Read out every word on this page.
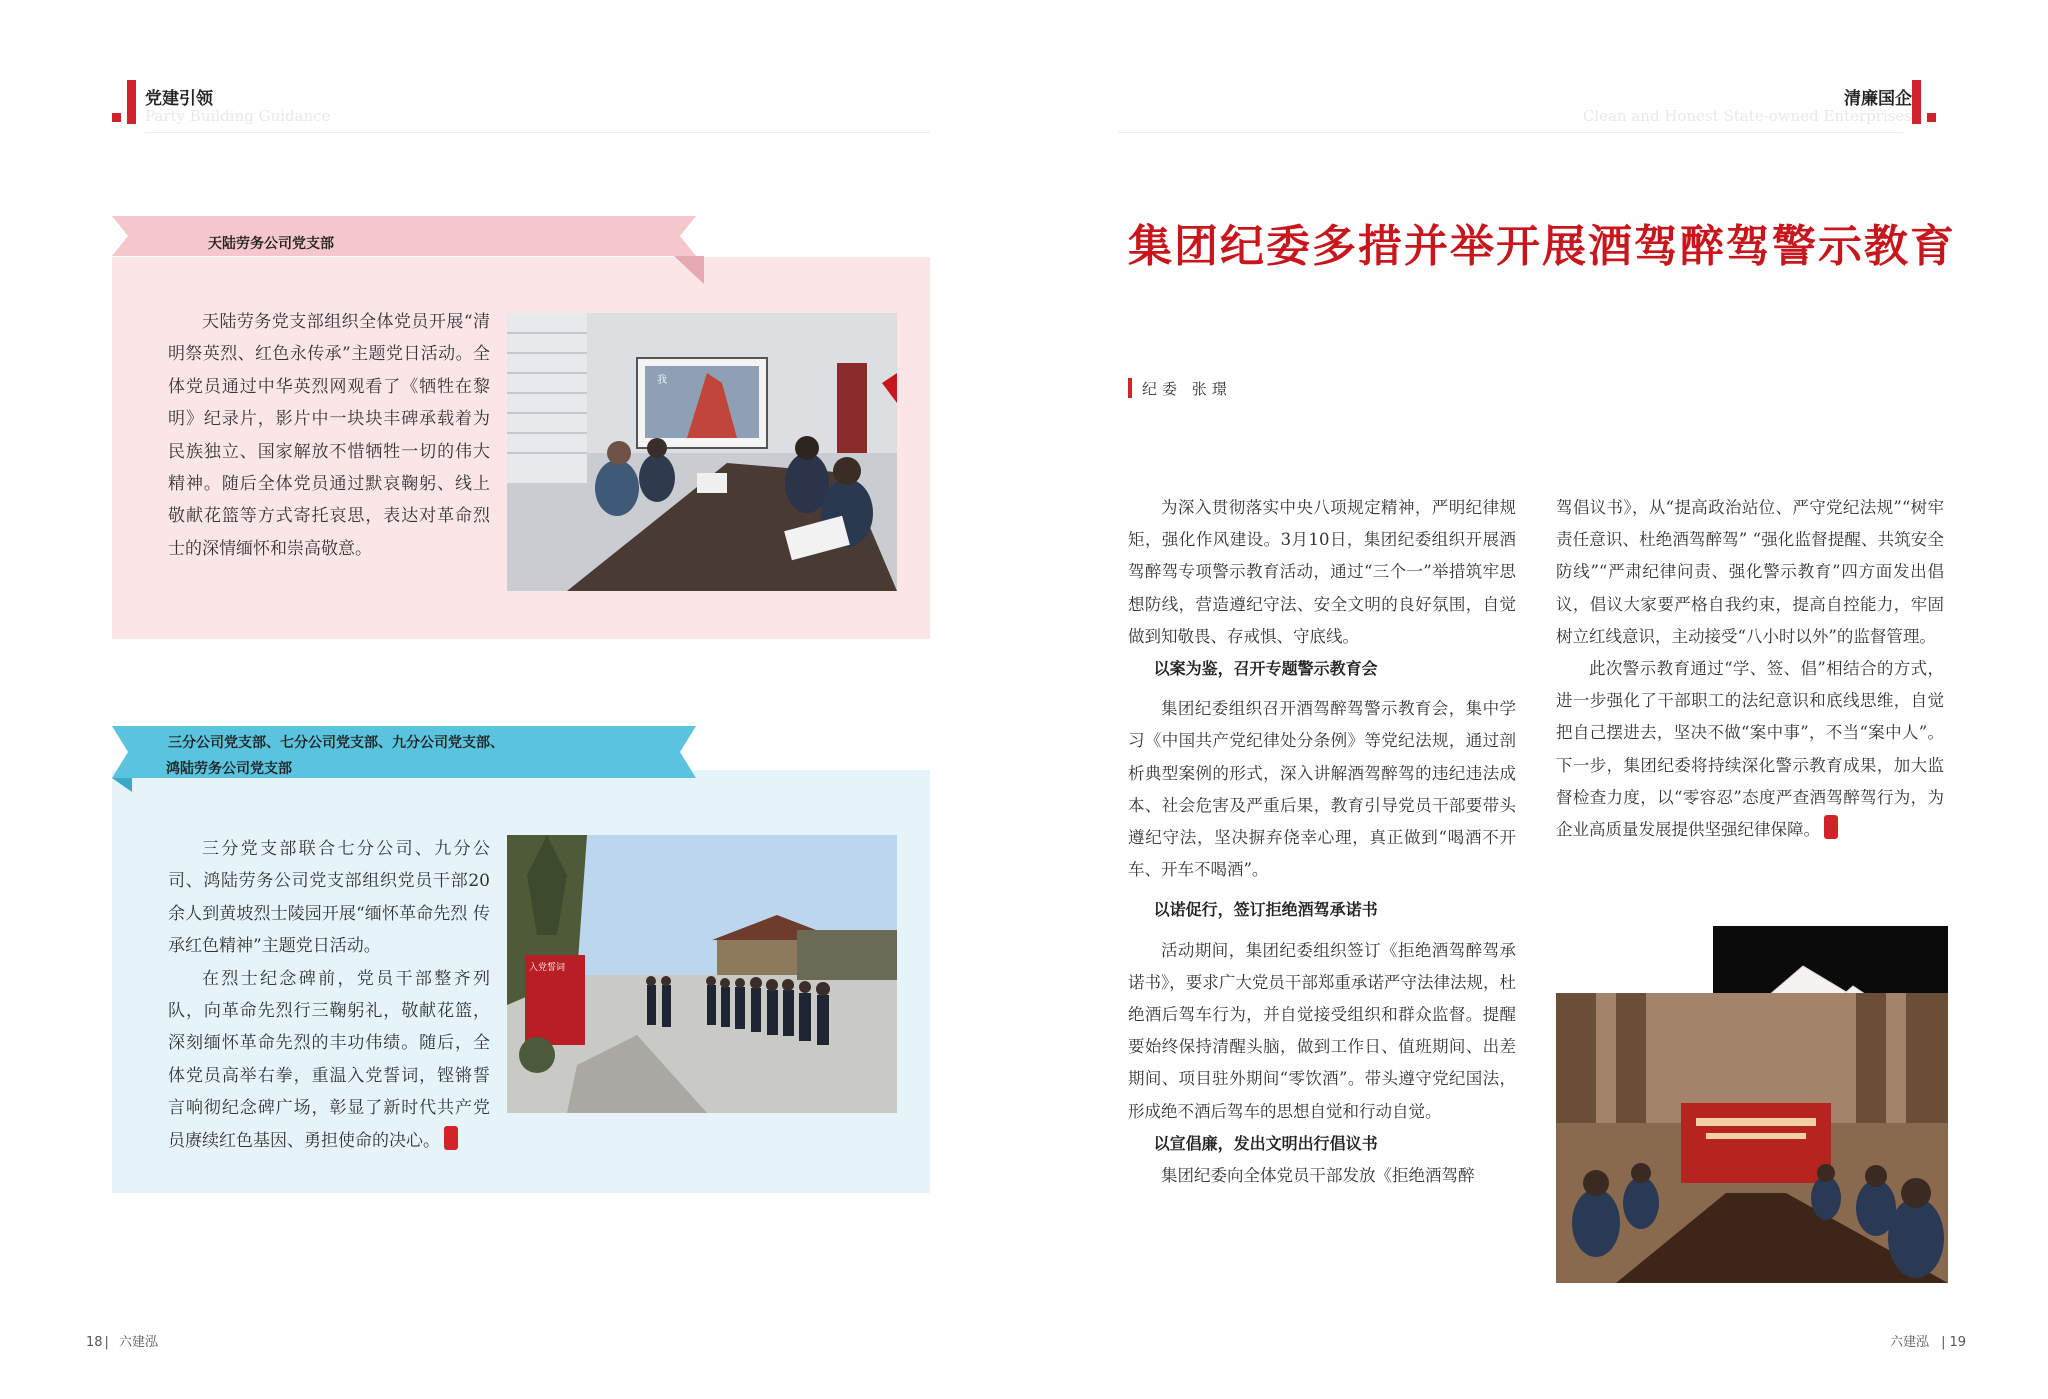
党建引领
Party Building Guidance
清廉国企
Clean and Honest State-owned Enterprises
天陆劳务公司党支部

天陆劳务党支部组织全体党员开展“清明祭英烈、红色永传承”主题党日活动。全体党员通过中华英烈网观看了《牺牲在黎明》纪录片，影片中一块块丰碑承载着为民族独立、国家解放不惜牺牲一切的伟大精神。随后全体党员通过默哀鞠躬、线上敬献花篮等方式寄托哀思，表达对革命烈士的深情缅怀和崇高敬意。

我
三分公司党支部、七分公司党支部、九分公司党支部、
鸿陆劳务公司党支部

三分党支部联合七分公司、九分公司、鸿陆劳务公司党支部组织党员干部20余人到黄坡烈士陵园开展“缅怀革命先烈 传承红色精神”主题党日活动。

在烈士纪念碑前，党员干部整齐列队，向革命先烈行三鞠躬礼，敬献花篮，深刻缅怀革命先烈的丰功伟绩。随后，全体党员高举右拳，重温入党誓词，铿锵誓言响彻纪念碑广场，彰显了新时代共产党员赓续红色基因、勇担使命的决心。

入党誓词
集团纪委多措并举开展酒驾醉驾警示教育
纪委 张璟

为深入贯彻落实中央八项规定精神，严明纪律规矩，强化作风建设。3月10日，集团纪委组织开展酒驾醉驾专项警示教育活动，通过“三个一”举措筑牢思想防线，营造遵纪守法、安全文明的良好氛围，自觉做到知敬畏、存戒惧、守底线。

以案为鉴，召开专题警示教育会

集团纪委组织召开酒驾醉驾警示教育会，集中学习《中国共产党纪律处分条例》等党纪法规，通过剖析典型案例的形式，深入讲解酒驾醉驾的违纪违法成本、社会危害及严重后果，教育引导党员干部要带头遵纪守法，坚决摒弃侥幸心理，真正做到“喝酒不开车、开车不喝酒”。

以诺促行，签订拒绝酒驾承诺书

活动期间，集团纪委组织签订《拒绝酒驾醉驾承诺书》，要求广大党员干部郑重承诺严守法律法规，杜绝酒后驾车行为，并自觉接受组织和群众监督。提醒要始终保持清醒头脑，做到工作日、值班期间、出差期间、项目驻外期间“零饮酒”。带头遵守党纪国法，形成绝不酒后驾车的思想自觉和行动自觉。

以宣倡廉，发出文明出行倡议书

集团纪委向全体党员干部发放《拒绝酒驾醉

驾倡议书》，从“提高政治站位、严守党纪法规”“树牢责任意识、杜绝酒驾醉驾” “强化监督提醒、共筑安全防线”“严肃纪律问责、强化警示教育”四方面发出倡议，倡议大家要严格自我约束，提高自控能力，牢固树立红线意识，主动接受“八小时以外”的监督管理。

此次警示教育通过“学、签、倡”相结合的方式，进一步强化了干部职工的法纪意识和底线思维，自觉把自己摆进去，坚决不做“案中事”，不当“案中人”。下一步，集团纪委将持续深化警示教育成果，加大监督检查力度，以“零容忍”态度严查酒驾醉驾行为，为企业高质量发展提供坚强纪律保障。

18 | 六建泓	六建泓 | 19
